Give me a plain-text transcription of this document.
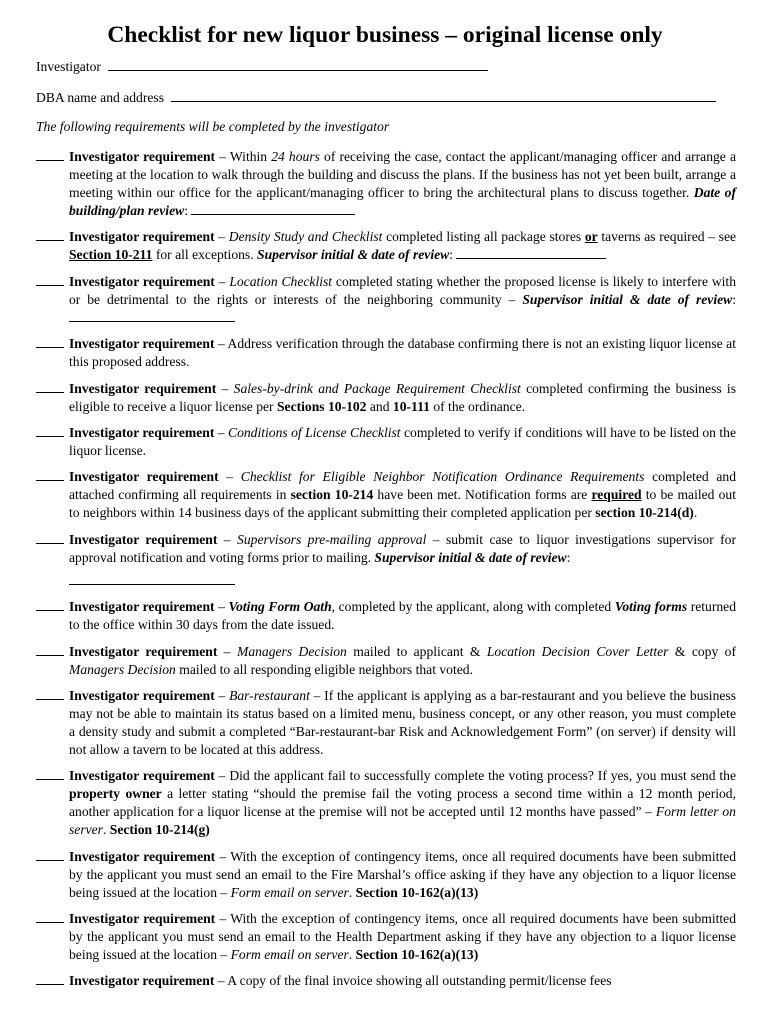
Checklist for new liquor business – original license only
Investigator
DBA name and address
The following requirements will be completed by the investigator
Investigator requirement – Within 24 hours of receiving the case, contact the applicant/managing officer and arrange a meeting at the location to walk through the building and discuss the plans. If the business has not yet been built, arrange a meeting within our office for the applicant/managing officer to bring the architectural plans to discuss together. Date of building/plan review:
Investigator requirement – Density Study and Checklist completed listing all package stores or taverns as required – see Section 10-211 for all exceptions. Supervisor initial & date of review:
Investigator requirement – Location Checklist completed stating whether the proposed license is likely to interfere with or be detrimental to the rights or interests of the neighboring community – Supervisor initial & date of review:
Investigator requirement – Address verification through the database confirming there is not an existing liquor license at this proposed address.
Investigator requirement – Sales-by-drink and Package Requirement Checklist completed confirming the business is eligible to receive a liquor license per Sections 10-102 and 10-111 of the ordinance.
Investigator requirement – Conditions of License Checklist completed to verify if conditions will have to be listed on the liquor license.
Investigator requirement – Checklist for Eligible Neighbor Notification Ordinance Requirements completed and attached confirming all requirements in section 10-214 have been met. Notification forms are required to be mailed out to neighbors within 14 business days of the applicant submitting their completed application per section 10-214(d).
Investigator requirement – Supervisors pre-mailing approval – submit case to liquor investigations supervisor for approval notification and voting forms prior to mailing. Supervisor initial & date of review:

Investigator requirement – Voting Form Oath, completed by the applicant, along with completed Voting forms returned to the office within 30 days from the date issued.
Investigator requirement – Managers Decision mailed to applicant & Location Decision Cover Letter & copy of Managers Decision mailed to all responding eligible neighbors that voted.
Investigator requirement – Bar-restaurant – If the applicant is applying as a bar-restaurant and you believe the business may not be able to maintain its status based on a limited menu, business concept, or any other reason, you must complete a density study and submit a completed “Bar-restaurant-bar Risk and Acknowledgement Form” (on server) if density will not allow a tavern to be located at this address.
Investigator requirement – Did the applicant fail to successfully complete the voting process? If yes, you must send the property owner a letter stating “should the premise fail the voting process a second time within a 12 month period, another application for a liquor license at the premise will not be accepted until 12 months have passed” – Form letter on server. Section 10-214(g)
Investigator requirement – With the exception of contingency items, once all required documents have been submitted by the applicant you must send an email to the Fire Marshal’s office asking if they have any objection to a liquor license being issued at the location – Form email on server. Section 10-162(a)(13)
Investigator requirement – With the exception of contingency items, once all required documents have been submitted by the applicant you must send an email to the Health Department asking if they have any objection to a liquor license being issued at the location – Form email on server. Section 10-162(a)(13)
Investigator requirement – A copy of the final invoice showing all outstanding permit/license fees
